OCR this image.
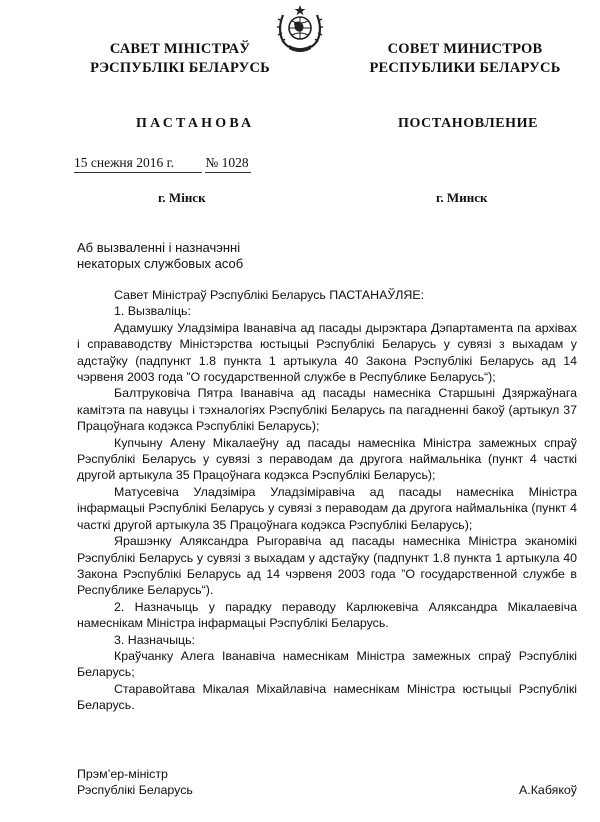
САВЕТ МІНІСТРАЎ
РЭСПУБЛІКІ БЕЛАРУСЬ
СОВЕТ МИНИСТРОВ
РЕСПУБЛИКИ БЕЛАРУСЬ
ПАСТАНОВА	ПОСТАНОВЛЕНИЕ
15 снежня 2016 г. № 1028
г. Мінск	г. Минск
Аб вызваленні і назначэнні
некаторых службовых асоб

Савет Міністраў Рэспублікі Беларусь ПАСТАНАЎЛЯЕ:

1. Вызваліць:

Адамушку Уладзіміра Іванавіча ад пасады дырэктара Дэпартамента па архівах і справаводству Міністэрства юстыцыі Рэспублікі Беларусь у сувязі з выхадам у адстаўку (падпункт 1.8 пункта 1 артыкула 40 Закона Рэспублікі Беларусь ад 14 чэрвеня 2003 года ”О государственной службе в Республике Беларусь“);

Балтруковіча Пятра Іванавіча ад пасады намесніка Старшыні Дзяржаўнага камітэта па навуцы і тэхналогіях Рэспублікі Беларусь па пагадненні бакоў (артыкул 37 Працоўнага кодэкса Рэспублікі Беларусь);

Купчыну Алену Мікалаеўну ад пасады намесніка Міністра замежных спраў Рэспублікі Беларусь у сувязі з пераводам да другога наймальніка (пункт 4 часткі другой артыкула 35 Працоўнага кодэкса Рэспублікі Беларусь);

Матусевіча Уладзіміра Уладзіміравіча ад пасады намесніка Міністра інфармацыі Рэспублікі Беларусь у сувязі з пераводам да другога наймальніка (пункт 4 часткі другой артыкула 35 Працоўнага кодэкса Рэспублікі Беларусь);

Ярашэнку Аляксандра Рыгоравіча ад пасады намесніка Міністра эканомікі Рэспублікі Беларусь у сувязі з выхадам у адстаўку (падпункт 1.8 пункта 1 артыкула 40 Закона Рэспублікі Беларусь ад 14 чэрвеня 2003 года ”О государственной службе в Республике Беларусь“).

2. Назначыць у парадку пераводу Карлюкевіча Аляксандра Мікалаевіча намеснікам Міністра інфармацыі Рэспублікі Беларусь.

3. Назначыць:

Краўчанку Алега Іванавіча намеснікам Міністра замежных спраў Рэспублікі Беларусь;

Старавойтава Мікалая Міхайлавіча намеснікам Міністра юстыцыі Рэспублікі Беларусь.

Прэм’ер-міністр
Рэспублікі Беларусь	А.Кабякоў
